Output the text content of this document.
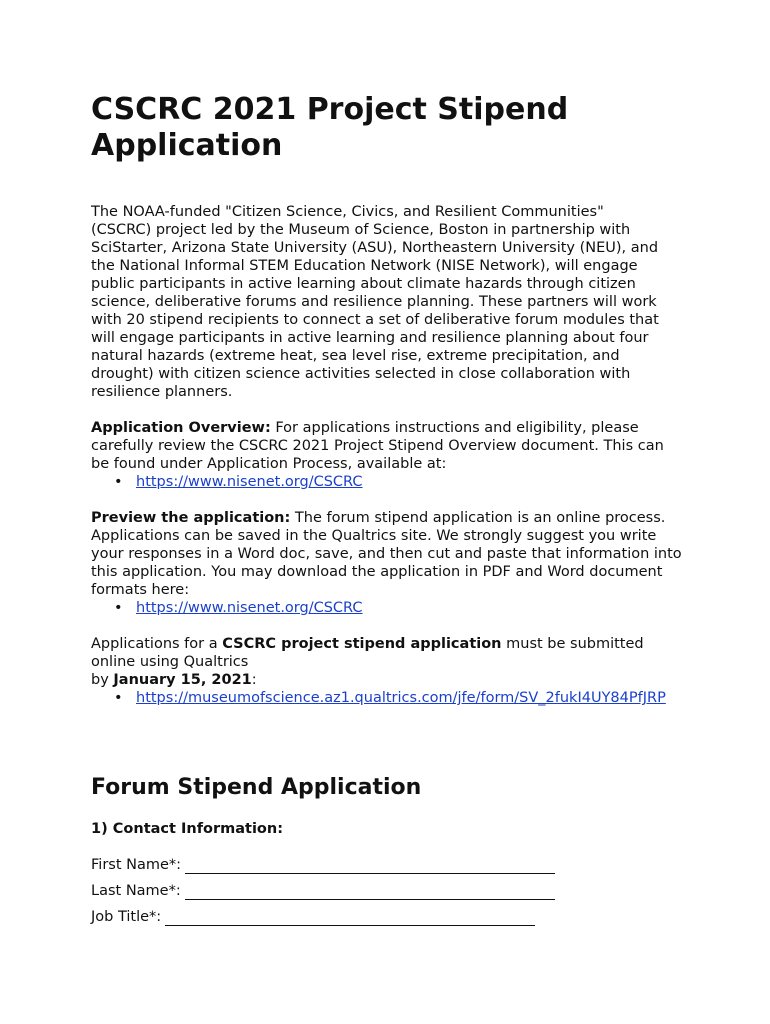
CSCRC 2021 Project Stipend Application

The NOAA-funded "Citizen Science, Civics, and Resilient Communities" (CSCRC) project led by the Museum of Science, Boston in partnership with SciStarter, Arizona State University (ASU), Northeastern University (NEU), and the National Informal STEM Education Network (NISE Network), will engage public participants in active learning about climate hazards through citizen science, deliberative forums and resilience planning. These partners will work with 20 stipend recipients to connect a set of deliberative forum modules that will engage participants in active learning and resilience planning about four natural hazards (extreme heat, sea level rise, extreme precipitation, and drought) with citizen science activities selected in close collaboration with resilience planners.

Application Overview: For applications instructions and eligibility, please carefully review the CSCRC 2021 Project Stipend Overview document. This can be found under Application Process, available at:
• https://www.nisenet.org/CSCRC
Preview the application: The forum stipend application is an online process. Applications can be saved in the Qualtrics site. We strongly suggest you write your responses in a Word doc, save, and then cut and paste that information into this application. You may download the application in PDF and Word document formats here:
• https://www.nisenet.org/CSCRC
Applications for a CSCRC project stipend application must be submitted online using Qualtrics
by January 15, 2021:
• https://museumofscience.az1.qualtrics.com/jfe/form/SV_2fukI4UY84PfJRP
Forum Stipend Application
1) Contact Information:
First Name*:
Last Name*:
Job Title*:
